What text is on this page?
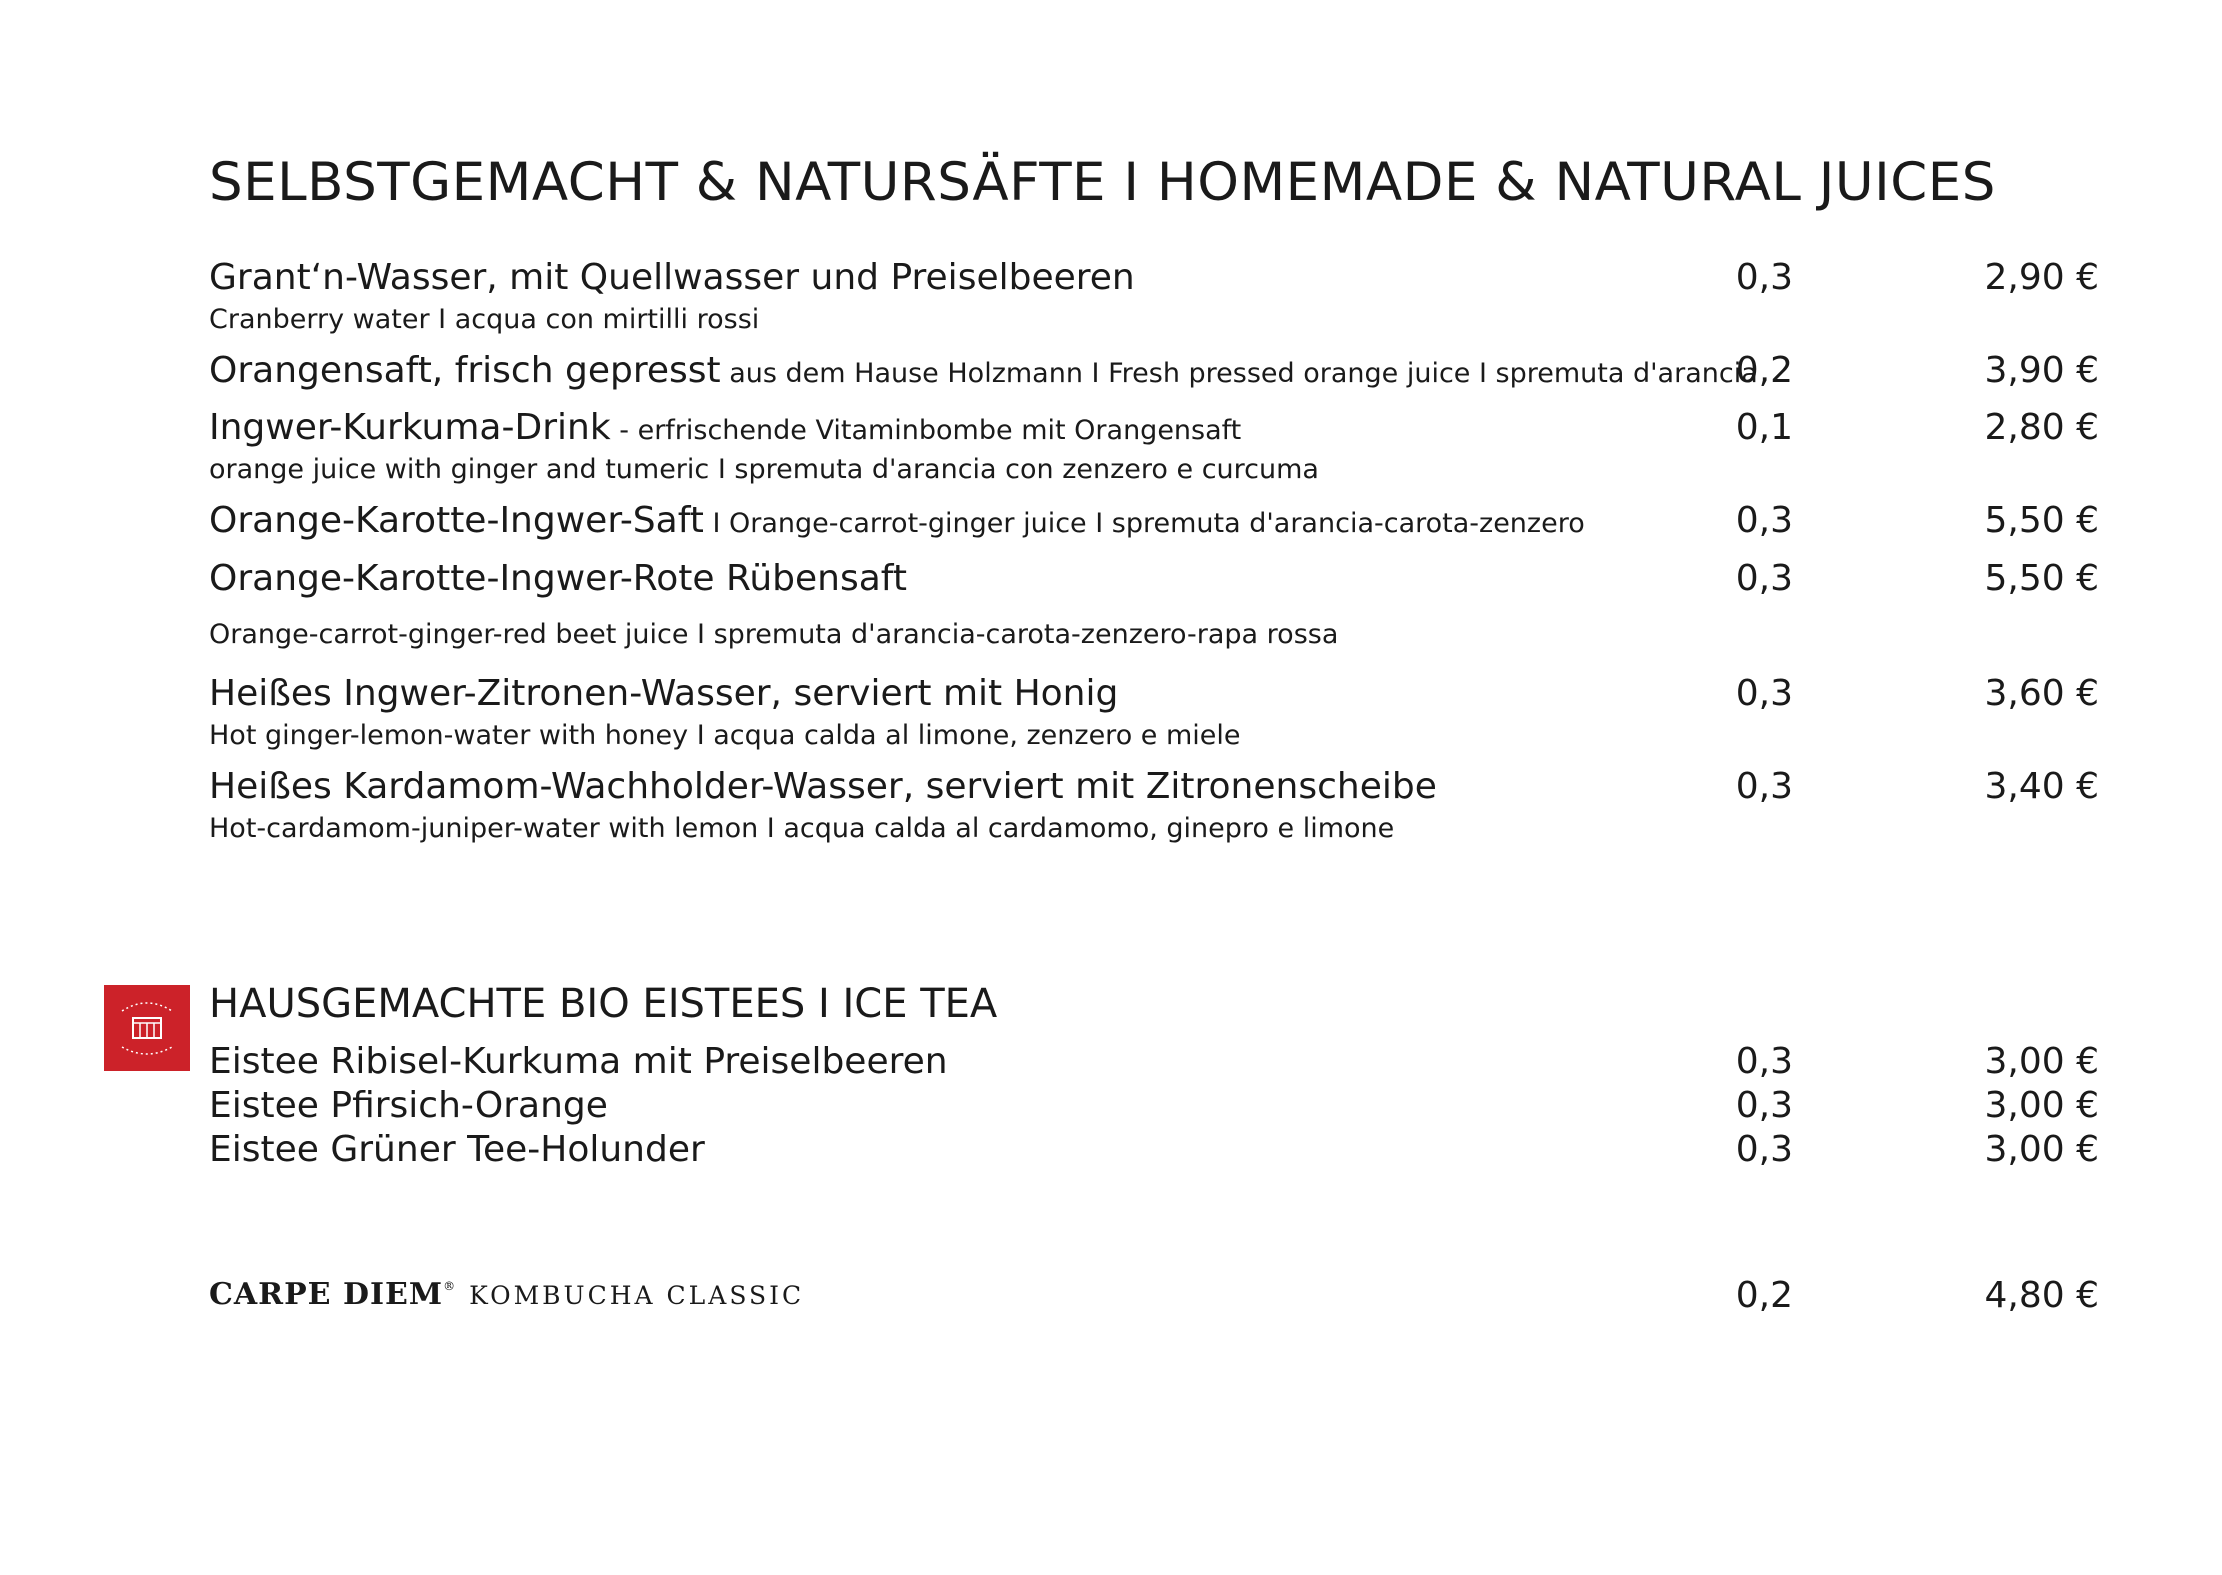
SELBSTGEMACHT & NATURSÄFTE I HOMEMADE & NATURAL JUICES
Grant‘n-Wasser, mit Quellwasser und Preiselbeeren
Cranberry water I acqua con mirtilli rossi
0,3	2,90 €
Orangensaft, frisch gepresst aus dem Hause Holzmann I Fresh pressed orange juice I spremuta d'arancia
0,2	3,90 €
Ingwer-Kurkuma-Drink - erfrischende Vitaminbombe mit Orangensaft
orange juice with ginger and tumeric I spremuta d'arancia con zenzero e curcuma
0,1	2,80 €
Orange-Karotte-Ingwer-Saft I Orange-carrot-ginger juice I spremuta d'arancia-carota-zenzero	0,3	5,50 €
Orange-Karotte-Ingwer-Rote Rübensaft
Orange-carrot-ginger-red beet juice I spremuta d'arancia-carota-zenzero-rapa rossa
0,3	5,50 €
Heißes Ingwer-Zitronen-Wasser, serviert mit Honig
Hot ginger-lemon-water with honey I acqua calda al limone, zenzero e miele
0,3	3,60 €
Heißes Kardamom-Wachholder-Wasser, serviert mit Zitronenscheibe
Hot-cardamom-juniper-water with lemon I acqua calda al cardamomo, ginepro e limone
0,3	3,40 €
HAUSGEMACHTE BIO EISTEES I ICE TEA
Eistee Ribisel-Kurkuma mit Preiselbeeren	0,3	3,00 €
Eistee Pfirsich-Orange	0,3	3,00 €
Eistee Grüner Tee-Holunder	0,3	3,00 €
CARPE DIEM® KOMBUCHA CLASSIC	0,2	4,80 €
